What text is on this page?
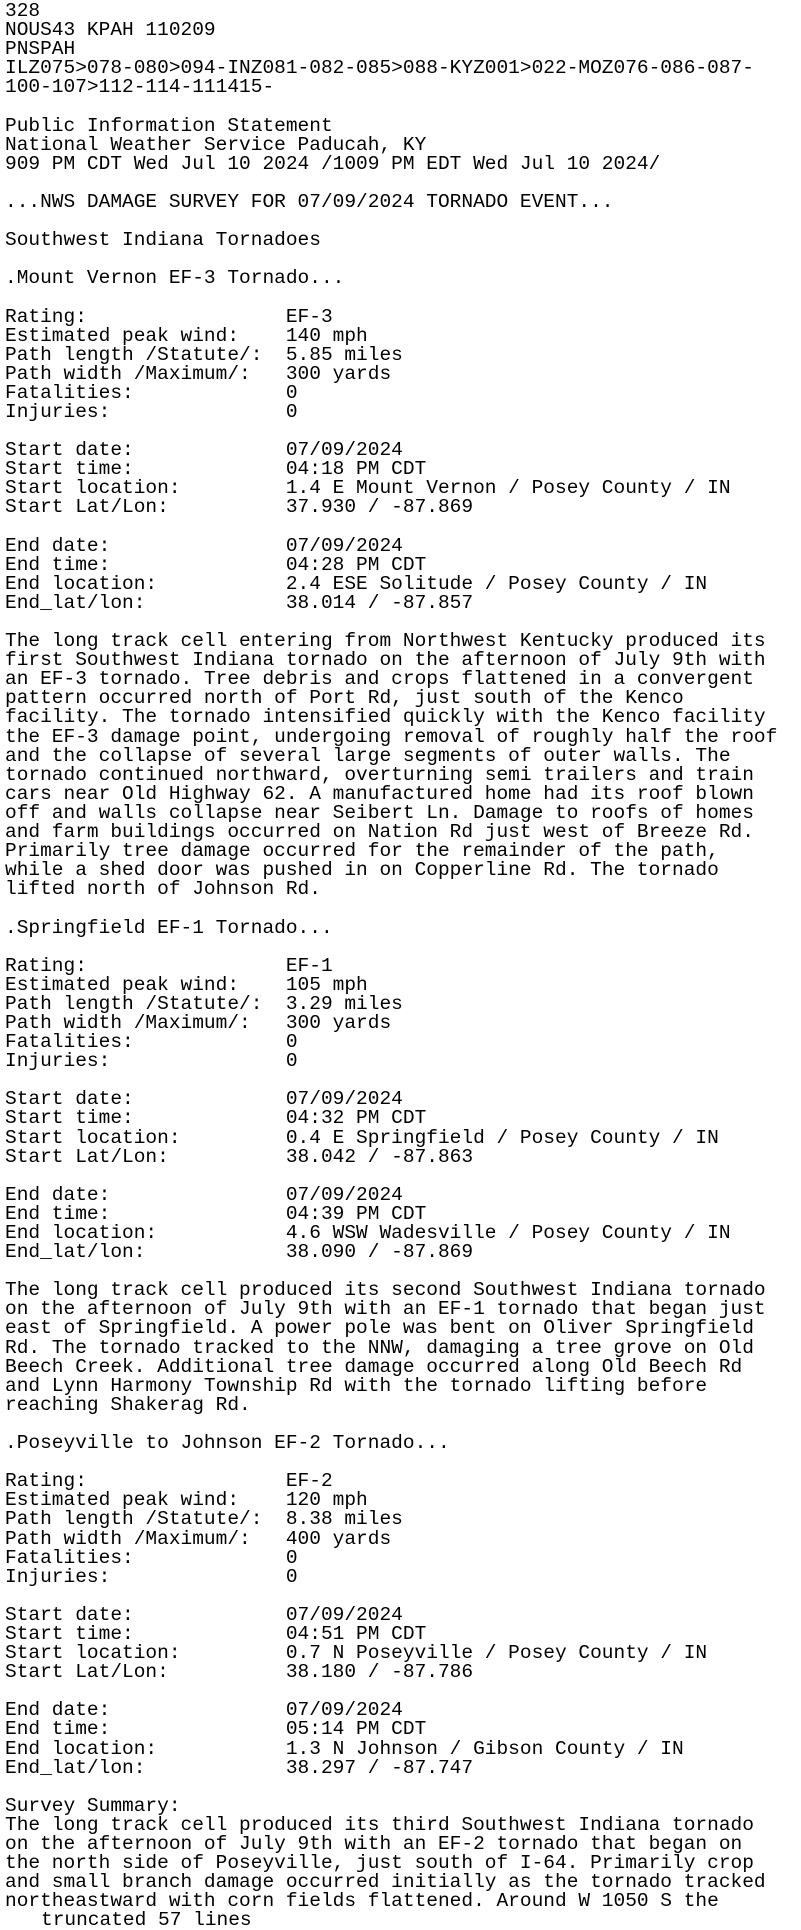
328
NOUS43 KPAH 110209
PNSPAH
ILZ075>078-080>094-INZ081-082-085>088-KYZ001>022-MOZ076-086-087-
100-107>112-114-111415-

Public Information Statement
National Weather Service Paducah, KY
909 PM CDT Wed Jul 10 2024 /1009 PM EDT Wed Jul 10 2024/

...NWS DAMAGE SURVEY FOR 07/09/2024 TORNADO EVENT...

Southwest Indiana Tornadoes

.Mount Vernon EF-3 Tornado...

Rating:	EF-3
Estimated peak wind: 140 mph
Path length /Statute/: 5.85 miles
Path width /Maximum/: 300 yards
Fatalities:	0
Injuries:	0

Start date:	07/09/2024
Start time:	04:18 PM CDT
Start location:	1.4 E Mount Vernon / Posey County / IN
Start Lat/Lon:	37.930 / -87.869

End date:	07/09/2024
End time:	04:28 PM CDT
End location:	2.4 ESE Solitude / Posey County / IN
End_lat/lon:	38.014 / -87.857

The long track cell entering from Northwest Kentucky produced its
first Southwest Indiana tornado on the afternoon of July 9th with
an EF-3 tornado. Tree debris and crops flattened in a convergent
pattern occurred north of Port Rd, just south of the Kenco
facility. The tornado intensified quickly with the Kenco facility
the EF-3 damage point, undergoing removal of roughly half the roof
and the collapse of several large segments of outer walls. The
tornado continued northward, overturning semi trailers and train
cars near Old Highway 62. A manufactured home had its roof blown
off and walls collapse near Seibert Ln. Damage to roofs of homes
and farm buildings occurred on Nation Rd just west of Breeze Rd.
Primarily tree damage occurred for the remainder of the path,
while a shed door was pushed in on Copperline Rd. The tornado
lifted north of Johnson Rd.

.Springfield EF-1 Tornado...

Rating:	EF-1
Estimated peak wind: 105 mph
Path length /Statute/: 3.29 miles
Path width /Maximum/: 300 yards
Fatalities:	0
Injuries:	0

Start date:	07/09/2024
Start time:	04:32 PM CDT
Start location:	0.4 E Springfield / Posey County / IN
Start Lat/Lon:	38.042 / -87.863

End date:	07/09/2024
End time:	04:39 PM CDT
End location:	4.6 WSW Wadesville / Posey County / IN
End_lat/lon:	38.090 / -87.869

The long track cell produced its second Southwest Indiana tornado
on the afternoon of July 9th with an EF-1 tornado that began just
east of Springfield. A power pole was bent on Oliver Springfield
Rd. The tornado tracked to the NNW, damaging a tree grove on Old
Beech Creek. Additional tree damage occurred along Old Beech Rd
and Lynn Harmony Township Rd with the tornado lifting before
reaching Shakerag Rd.

.Poseyville to Johnson EF-2 Tornado...

Rating:	EF-2
Estimated peak wind: 120 mph
Path length /Statute/: 8.38 miles
Path width /Maximum/: 400 yards
Fatalities:	0
Injuries:	0

Start date:	07/09/2024
Start time:	04:51 PM CDT
Start location:	0.7 N Poseyville / Posey County / IN
Start Lat/Lon:	38.180 / -87.786

End date:	07/09/2024
End time:	05:14 PM CDT
End location:	1.3 N Johnson / Gibson County / IN
End_lat/lon:	38.297 / -87.747

Survey Summary:
The long track cell produced its third Southwest Indiana tornado
on the afternoon of July 9th with an EF-2 tornado that began on
the north side of Poseyville, just south of I-64. Primarily crop
and small branch damage occurred initially as the tornado tracked
northeastward with corn fields flattened. Around W 1050 S the
truncated 57 lines
